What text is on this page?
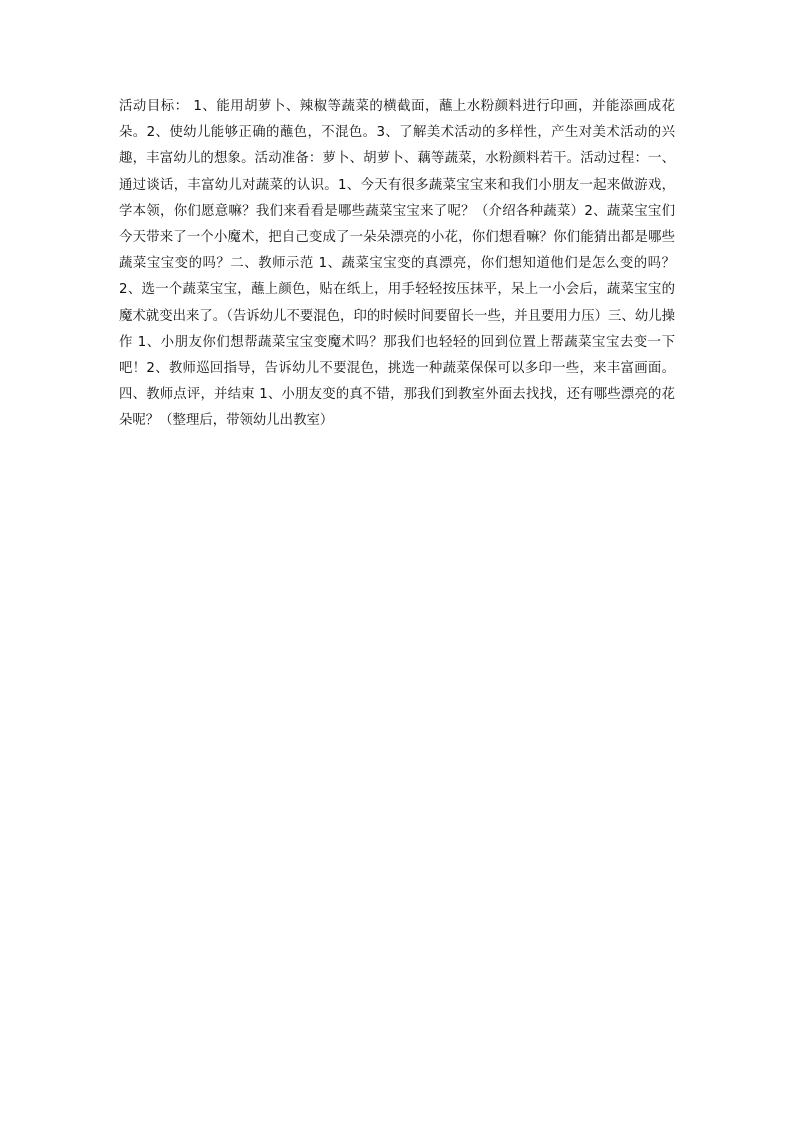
活动目标： 1、能用胡萝卜、辣椒等蔬菜的横截面，蘸上水粉颜料进行印画，并能添画成花朵。2、使幼儿能够正确的蘸色，不混色。3、了解美术活动的多样性，产生对美术活动的兴趣，丰富幼儿的想象。活动准备：萝卜、胡萝卜、藕等蔬菜，水粉颜料若干。活动过程：一、通过谈话，丰富幼儿对蔬菜的认识。1、今天有很多蔬菜宝宝来和我们小朋友一起来做游戏，学本领，你们愿意嘛？我们来看看是哪些蔬菜宝宝来了呢？（介绍各种蔬菜）2、蔬菜宝宝们今天带来了一个小魔术，把自己变成了一朵朵漂亮的小花，你们想看嘛？你们能猜出都是哪些蔬菜宝宝变的吗？二、教师示范 1、蔬菜宝宝变的真漂亮，你们想知道他们是怎么变的吗？2、选一个蔬菜宝宝，蘸上颜色，贴在纸上，用手轻轻按压抹平，呆上一小会后，蔬菜宝宝的魔术就变出来了。（告诉幼儿不要混色，印的时候时间要留长一些，并且要用力压）三、幼儿操作 1、小朋友你们想帮蔬菜宝宝变魔术吗？那我们也轻轻的回到位置上帮蔬菜宝宝去变一下吧！2、教师巡回指导，告诉幼儿不要混色，挑选一种蔬菜保保可以多印一些，来丰富画面。四、教师点评，并结束 1、小朋友变的真不错，那我们到教室外面去找找，还有哪些漂亮的花朵呢？（整理后，带领幼儿出教室）
